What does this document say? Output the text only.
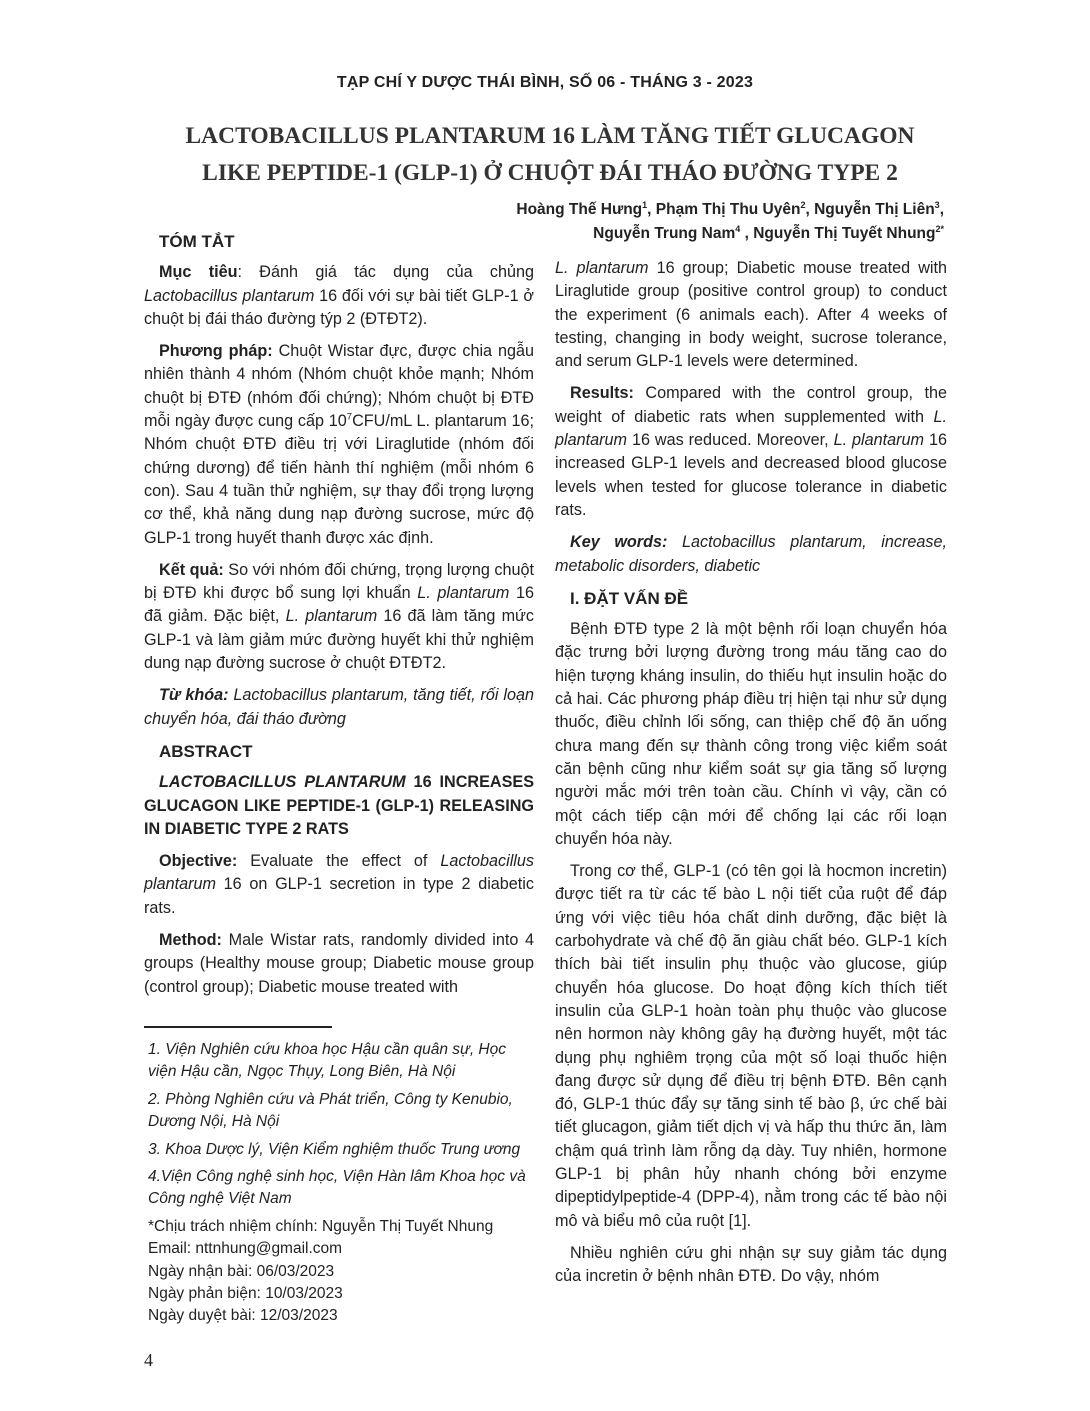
TẠP CHÍ Y DƯỢC THÁI BÌNH, SỐ 06 - THÁNG 3 - 2023
LACTOBACILLUS PLANTARUM 16 LÀM TĂNG TIẾT GLUCAGON
LIKE PEPTIDE-1 (GLP-1) Ở CHUỘT ĐÁI THÁO ĐƯỜNG TYPE 2
Hoàng Thế Hưng$^1$, Phạm Thị Thu Uyên$^2$, Nguyễn Thị Liên$^3$,
Nguyễn Trung Nam$^4$ , Nguyễn Thị Tuyết Nhung$^{2*}$
TÓM TẮT

Mục tiêu: Đánh giá tác dụng của chủng Lactobacillus plantarum 16 đối với sự bài tiết GLP-1 ở chuột bị đái tháo đường týp 2 (ĐTĐT2).

Phương pháp: Chuột Wistar đực, được chia ngẫu nhiên thành 4 nhóm (Nhóm chuột khỏe mạnh; Nhóm chuột bị ĐTĐ (nhóm đối chứng); Nhóm chuột bị ĐTĐ mỗi ngày được cung cấp $10^7CFU/mL$ L. plantarum 16; Nhóm chuột ĐTĐ điều trị với Liraglutide (nhóm đối chứng dương) để tiến hành thí nghiệm (mỗi nhóm 6 con). Sau 4 tuần thử nghiệm, sự thay đổi trọng lượng cơ thể, khả năng dung nạp đường sucrose, mức độ GLP-1 trong huyết thanh được xác định.

Kết quả: So với nhóm đối chứng, trọng lượng chuột bị ĐTĐ khi được bổ sung lợi khuẩn L. plantarum 16 đã giảm. Đặc biệt, L. plantarum 16 đã làm tăng mức GLP-1 và làm giảm mức đường huyết khi thử nghiệm dung nạp đường sucrose ở chuột ĐTĐT2.

Từ khóa: Lactobacillus plantarum, tăng tiết, rối loạn chuyển hóa, đái tháo đường

ABSTRACT
LACTOBACILLUS PLANTARUM 16 INCREASES GLUCAGON LIKE PEPTIDE-1 (GLP-1) RELEASING IN DIABETIC TYPE 2 RATS

Objective: Evaluate the effect of Lactobacillus plantarum 16 on GLP-1 secretion in type 2 diabetic rats.

Method: Male Wistar rats, randomly divided into 4 groups (Healthy mouse group; Diabetic mouse group (control group); Diabetic mouse treated with

1. Viện Nghiên cứu khoa học Hậu cần quân sự, Học viện Hậu cần, Ngọc Thụy, Long Biên, Hà Nội

2. Phòng Nghiên cứu và Phát triển, Công ty Kenubio, Dương Nội, Hà Nội

3. Khoa Dược lý, Viện Kiểm nghiệm thuốc Trung ương

4.Viện Công nghệ sinh học, Viện Hàn lâm Khoa học và Công nghệ Việt Nam

*Chịu trách nhiệm chính: Nguyễn Thị Tuyết Nhung

Email: nttnhung@gmail.com

Ngày nhận bài: 06/03/2023

Ngày phản biện: 10/03/2023

Ngày duyệt bài: 12/03/2023

L. plantarum 16 group; Diabetic mouse treated with Liraglutide group (positive control group) to conduct the experiment (6 animals each). After 4 weeks of testing, changing in body weight, sucrose tolerance, and serum GLP-1 levels were determined.

Results: Compared with the control group, the weight of diabetic rats when supplemented with L. plantarum 16 was reduced. Moreover, L. plantarum 16 increased GLP-1 levels and decreased blood glucose levels when tested for glucose tolerance in diabetic rats.

Key words: Lactobacillus plantarum, increase, metabolic disorders, diabetic

I. ĐẶT VẤN ĐỀ

Bệnh ĐTĐ type 2 là một bệnh rối loạn chuyển hóa đặc trưng bởi lượng đường trong máu tăng cao do hiện tượng kháng insulin, do thiếu hụt insulin hoặc do cả hai. Các phương pháp điều trị hiện tại như sử dụng thuốc, điều chỉnh lối sống, can thiệp chế độ ăn uống chưa mang đến sự thành công trong việc kiểm soát căn bệnh cũng như kiểm soát sự gia tăng số lượng người mắc mới trên toàn cầu. Chính vì vậy, cần có một cách tiếp cận mới để chống lại các rối loạn chuyển hóa này.

Trong cơ thể, GLP-1 (có tên gọi là hocmon incretin) được tiết ra từ các tế bào L nội tiết của ruột để đáp ứng với việc tiêu hóa chất dinh dưỡng, đặc biệt là carbohydrate và chế độ ăn giàu chất béo. GLP-1 kích thích bài tiết insulin phụ thuộc vào glucose, giúp chuyển hóa glucose. Do hoạt động kích thích tiết insulin của GLP-1 hoàn toàn phụ thuộc vào glucose nên hormon này không gây hạ đường huyết, một tác dụng phụ nghiêm trọng của một số loại thuốc hiện đang được sử dụng để điều trị bệnh ĐTĐ. Bên cạnh đó, GLP-1 thúc đẩy sự tăng sinh tế bào β, ức chế bài tiết glucagon, giảm tiết dịch vị và hấp thu thức ăn, làm chậm quá trình làm rỗng dạ dày. Tuy nhiên, hormone GLP-1 bị phân hủy nhanh chóng bởi enzyme dipeptidylpeptide-4 (DPP-4), nằm trong các tế bào nội mô và biểu mô của ruột [1].

Nhiều nghiên cứu ghi nhận sự suy giảm tác dụng của incretin ở bệnh nhân ĐTĐ. Do vậy, nhóm

4
